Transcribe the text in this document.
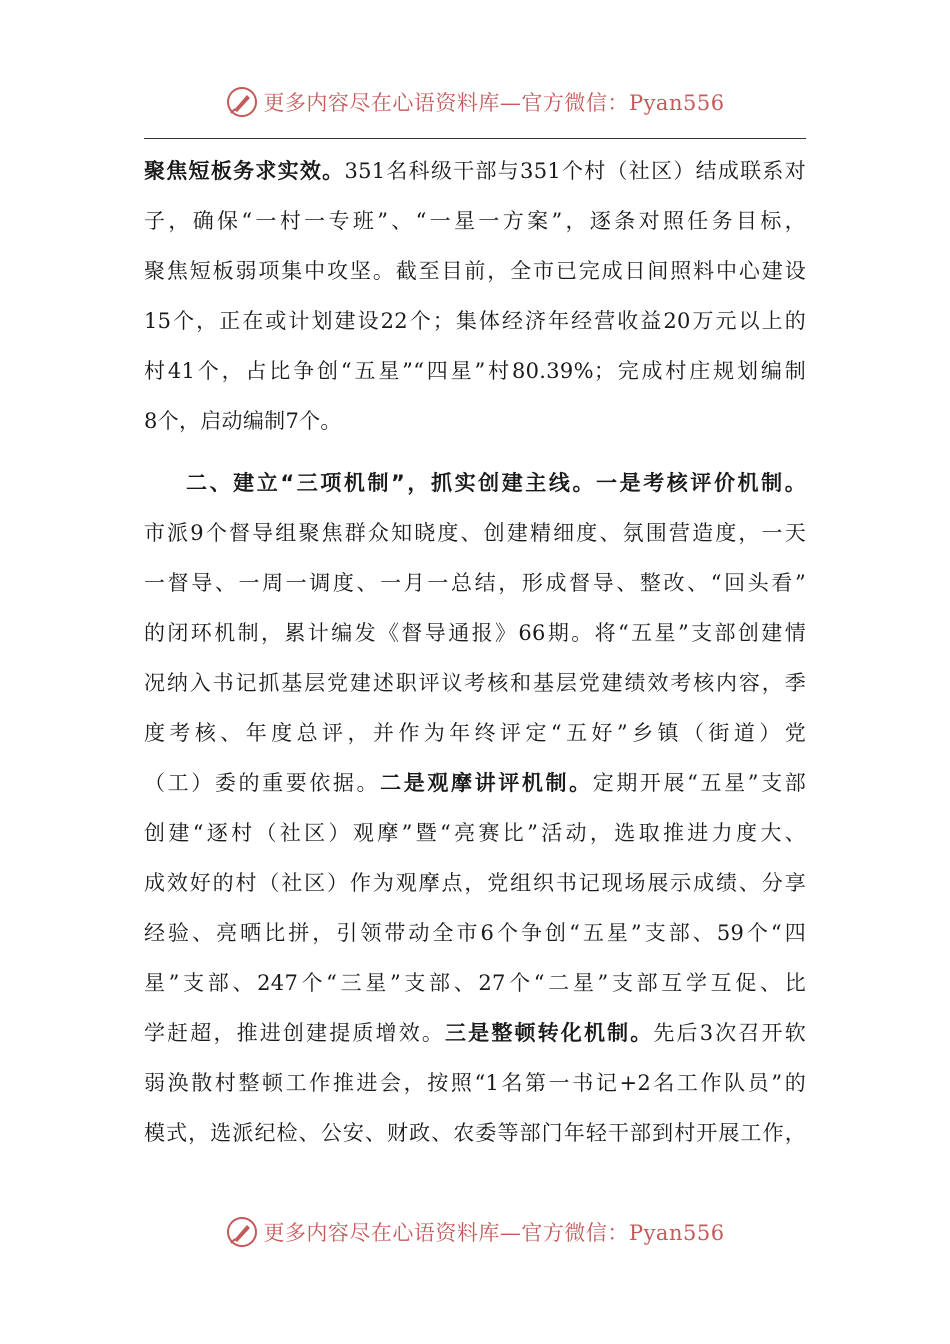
更多内容尽在心语资料库—官方微信：Pyan556
聚焦短板务求实效。351名科级干部与351个村（社区）结成联系对
子，确保“一村一专班”、“一星一方案”，逐条对照任务目标，
聚焦短板弱项集中攻坚。截至目前，全市已完成日间照料中心建设
15个，正在或计划建设22个；集体经济年经营收益20万元以上的
村41个，占比争创“五星”“四星”村80.39%；完成村庄规划编制
8个，启动编制7个。
二、建立“三项机制”，抓实创建主线。一是考核评价机制。
市派9个督导组聚焦群众知晓度、创建精细度、氛围营造度，一天
一督导、一周一调度、一月一总结，形成督导、整改、“回头看”
的闭环机制，累计编发《督导通报》66期。将“五星”支部创建情
况纳入书记抓基层党建述职评议考核和基层党建绩效考核内容，季
度考核、年度总评，并作为年终评定“五好”乡镇（街道）党
（工）委的重要依据。二是观摩讲评机制。定期开展“五星”支部
创建“逐村（社区）观摩”暨“亮赛比”活动，选取推进力度大、
成效好的村（社区）作为观摩点，党组织书记现场展示成绩、分享
经验、亮晒比拼，引领带动全市6个争创“五星”支部、59个“四
星”支部、247个“三星”支部、27个“二星”支部互学互促、比
学赶超，推进创建提质增效。三是整顿转化机制。先后3次召开软
弱涣散村整顿工作推进会，按照“1名第一书记+2名工作队员”的
模式，选派纪检、公安、财政、农委等部门年轻干部到村开展工作，
更多内容尽在心语资料库—官方微信：Pyan556
